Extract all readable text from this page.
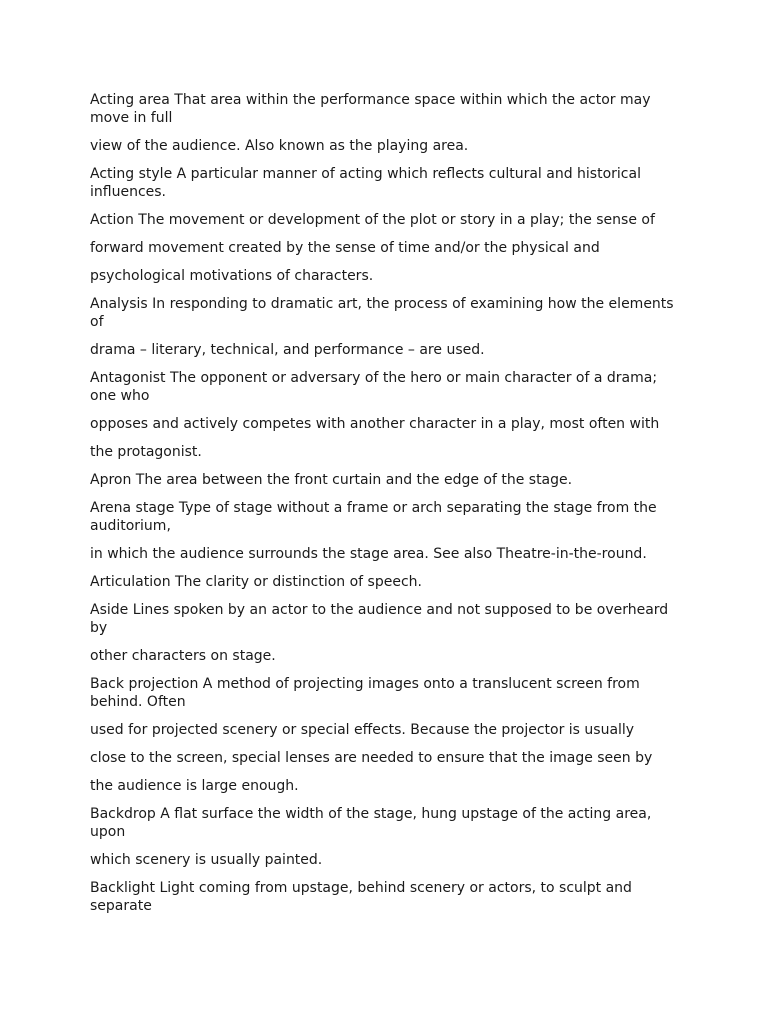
Acting area That area within the performance space within which the actor may move in full

view of the audience. Also known as the playing area.

Acting style A particular manner of acting which reflects cultural and historical influences.

Action The movement or development of the plot or story in a play; the sense of

forward movement created by the sense of time and/or the physical and

psychological motivations of characters.

Analysis In responding to dramatic art, the process of examining how the elements of

drama – literary, technical, and performance – are used.

Antagonist The opponent or adversary of the hero or main character of a drama; one who

opposes and actively competes with another character in a play, most often with

the protagonist.

Apron The area between the front curtain and the edge of the stage.

Arena stage Type of stage without a frame or arch separating the stage from the auditorium,

in which the audience surrounds the stage area. See also Theatre-in-the-round.

Articulation The clarity or distinction of speech.

Aside Lines spoken by an actor to the audience and not supposed to be overheard by

other characters on stage.

Back projection A method of projecting images onto a translucent screen from behind. Often

used for projected scenery or special effects. Because the projector is usually

close to the screen, special lenses are needed to ensure that the image seen by

the audience is large enough.

Backdrop A flat surface the width of the stage, hung upstage of the acting area, upon

which scenery is usually painted.

Backlight Light coming from upstage, behind scenery or actors, to sculpt and separate
